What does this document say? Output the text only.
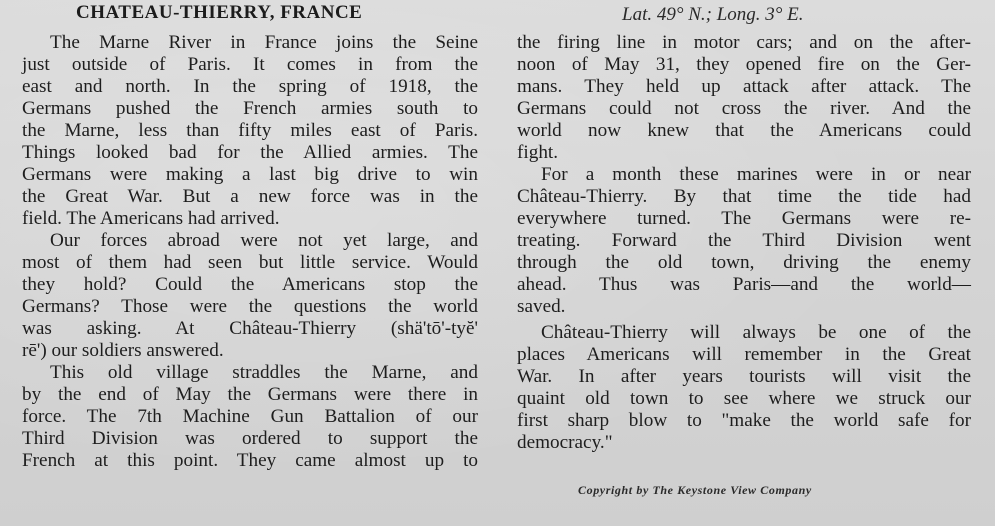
CHATEAU-THIERRY, FRANCE	Lat. 49° N.; Long. 3° E.
The Marne River in France joins the Seine
just outside of Paris. It comes in from the
east and north. In the spring of 1918, the
Germans pushed the French armies south to
the Marne, less than fifty miles east of Paris.
Things looked bad for the Allied armies. The
Germans were making a last big drive to win
the Great War. But a new force was in the
field. The Americans had arrived.
Our forces abroad were not yet large, and
most of them had seen but little service. Would
they hold? Could the Americans stop the
Germans? Those were the questions the world
was asking. At Château-Thierry (shä'tō'-tyĕ'
rē') our soldiers answered.
This old village straddles the Marne, and
by the end of May the Germans were there in
force. The 7th Machine Gun Battalion of our
Third Division was ordered to support the
French at this point. They came almost up to
the firing line in motor cars; and on the after-
noon of May 31, they opened fire on the Ger-
mans. They held up attack after attack. The
Germans could not cross the river. And the
world now knew that the Americans could
fight.
For a month these marines were in or near
Château-Thierry. By that time the tide had
everywhere turned. The Germans were re-
treating. Forward the Third Division went
through the old town, driving the enemy
ahead. Thus was Paris—and the world—
saved.
Château-Thierry will always be one of the
places Americans will remember in the Great
War. In after years tourists will visit the
quaint old town to see where we struck our
first sharp blow to "make the world safe for
democracy."
Copyright by The Keystone View Company
